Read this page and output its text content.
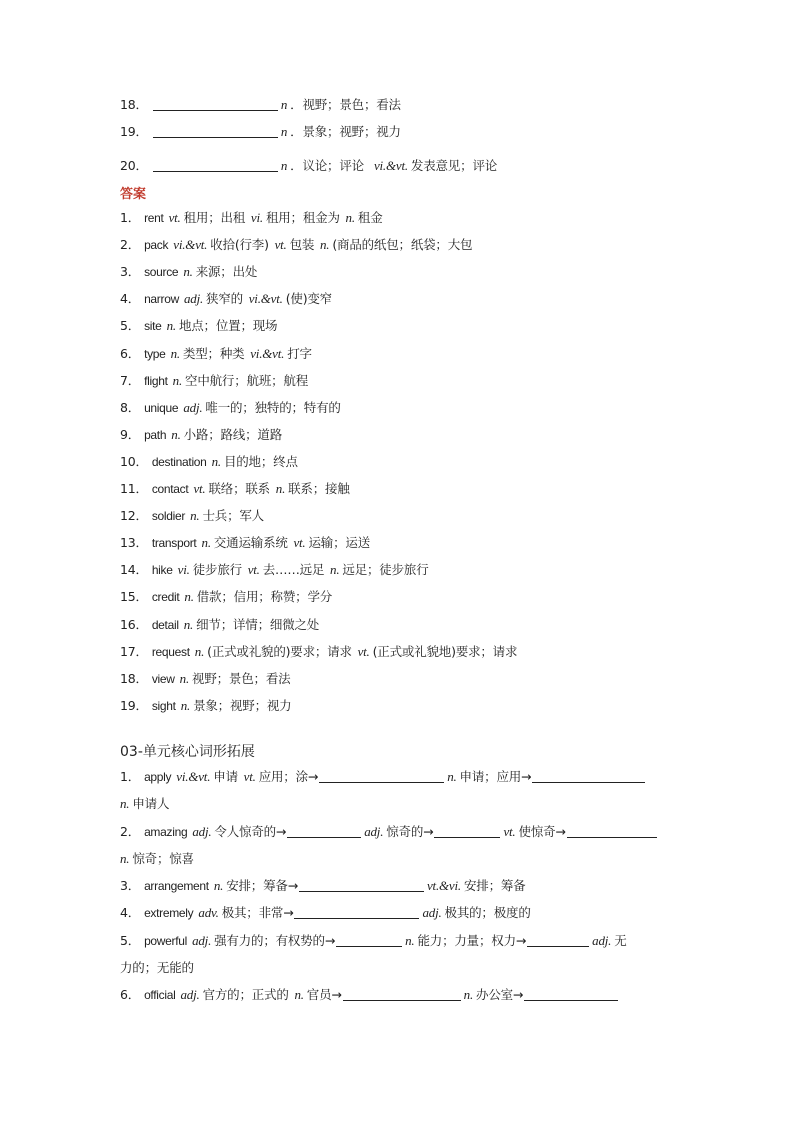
18．	n ．视野；景色；看法
19．	n ．景象；视野；视力
20．	n ．议论；评论 vi.&vt. 发表意见；评论
答案
1． rent vt. 租用；出租 vi. 租用；租金为 n. 租金
2． pack vi.&vt. 收拾(行李) vt. 包装 n. (商品的纸包；纸袋；大包
3． source n. 来源；出处
4． narrow adj. 狭窄的 vi.&vt. (使)变窄
5． site n. 地点；位置；现场
6． type n. 类型；种类 vi.&vt. 打字
7． flight n. 空中航行；航班；航程
8． unique adj. 唯一的；独特的；特有的
9． path n. 小路；路线；道路
10． destination n. 目的地；终点
11． contact vt. 联络；联系 n. 联系；接触
12． soldier n. 士兵；军人
13． transport n. 交通运输系统 vt. 运输；运送
14． hike vi. 徒步旅行 vt. 去……远足 n. 远足；徒步旅行
15． credit n. 借款；信用；称赞；学分
16． detail n. 细节；详情；细微之处
17． request n. (正式或礼貌的)要求；请求 vt. (正式或礼貌地)要求；请求
18． view n. 视野；景色；看法
19． sight n. 景象；视野；视力
03-单元核心词形拓展
1． apply vi.&vt. 申请 vt. 应用；涂→	n. 申请；应用→
n. 申请人
2． amazing adj. 令人惊奇的→	adj. 惊奇的→	vt. 使惊奇→
n. 惊奇；惊喜
3． arrangement n. 安排；筹备→	vt.&vi. 安排；筹备
4． extremely adv. 极其；非常→	adj. 极其的；极度的
5． powerful adj. 强有力的；有权势的→	n. 能力；力量；权力→	adj. 无
力的；无能的
6． official adj. 官方的；正式的 n. 官员→	n. 办公室→
